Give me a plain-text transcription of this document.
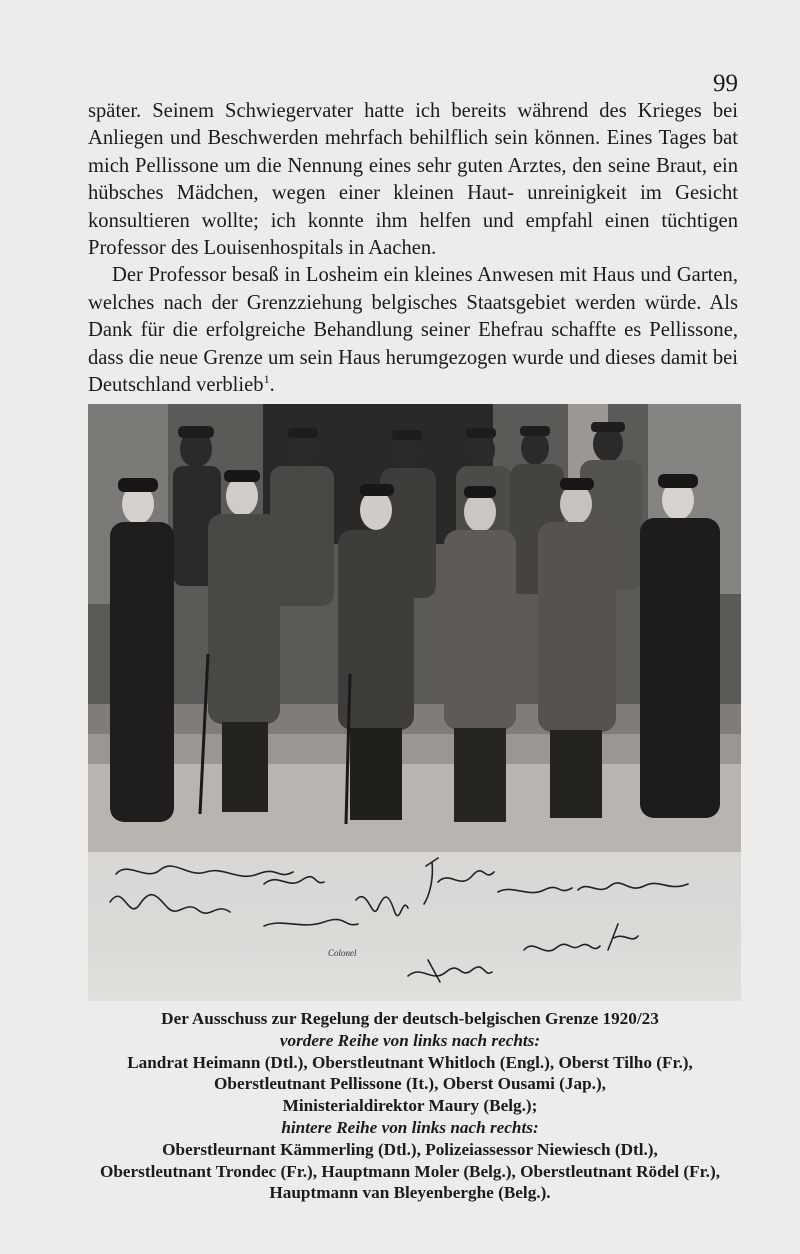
99

später. Seinem Schwiegervater hatte ich bereits während des Krieges bei Anliegen und Beschwerden mehrfach behilflich sein können. Eines Tages bat mich Pellissone um die Nennung eines sehr guten Arztes, den seine Braut, ein hübsches Mädchen, wegen einer kleinen Haut- unreinigkeit im Gesicht konsultieren wollte; ich konnte ihm helfen und empfahl einen tüchtigen Professor des Louisenhospitals in Aachen.

Der Professor besaß in Losheim ein kleines Anwesen mit Haus und Garten, welches nach der Grenzziehung belgisches Staatsgebiet werden würde. Als Dank für die erfolgreiche Behandlung seiner Ehefrau schaffte es Pellissone, dass die neue Grenze um sein Haus herumgezogen wurde und dieses damit bei Deutschland verblieb$^1$.

Colonel
Der Ausschuss zur Regelung der deutsch-belgischen Grenze 1920/23
vordere Reihe von links nach rechts:
Landrat Heimann (Dtl.), Oberstleutnant Whitloch (Engl.), Oberst Tilho (Fr.),
Oberstleutnant Pellissone (It.), Oberst Ousami (Jap.),
Ministerialdirektor Maury (Belg.);
hintere Reihe von links nach rechts:
Oberstleurnant Kämmerling (Dtl.), Polizeiassessor Niewiesch (Dtl.),
Oberstleutnant Trondec (Fr.), Hauptmann Moler (Belg.), Oberstleutnant Rödel (Fr.),
Hauptmann van Bleyenberghe (Belg.).
